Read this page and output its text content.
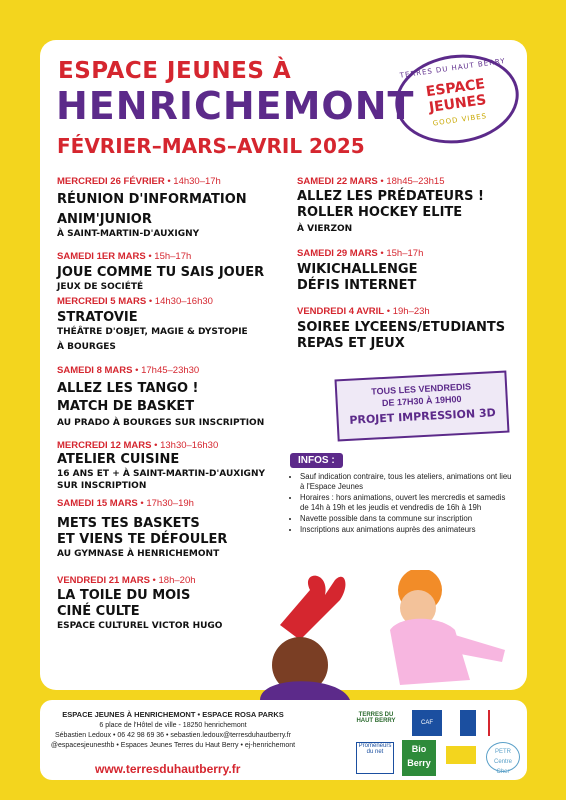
ESPACE JEUNES À
HENRICHEMONT
FÉVRIER–MARS–AVRIL 2025
TERRES DU HAUT BERRY
ESPACE JEUNES
GOOD VIBES
MERCREDI 26 FÉVRIER • 14h30–17h
RÉUNION D'INFORMATION
ANIM'JUNIOR
À SAINT-MARTIN-D'AUXIGNY
SAMEDI 1ER MARS • 15h–17h
JOUE COMME TU SAIS JOUER
JEUX DE SOCIÉTÉ
MERCREDI 5 MARS • 14h30–16h30
STRATOVIE
THÉÂTRE D'OBJET, MAGIE & DYSTOPIE
À BOURGES
SAMEDI 8 MARS • 17h45–23h30
ALLEZ LES TANGO !
MATCH DE BASKET
AU PRADO À BOURGES SUR INSCRIPTION
MERCREDI 12 MARS • 13h30–16h30
ATELIER CUISINE
16 ANS ET + À SAINT-MARTIN-D'AUXIGNY
SUR INSCRIPTION
SAMEDI 15 MARS • 17h30–19h
METS TES BASKETS
ET VIENS TE DÉFOULER
AU GYMNASE À HENRICHEMONT
VENDREDI 21 MARS • 18h–20h
LA TOILE DU MOIS
CINÉ CULTE
ESPACE CULTUREL VICTOR HUGO
SAMEDI 22 MARS • 18h45–23h15
ALLEZ LES PRÉDATEURS !
ROLLER HOCKEY ELITE
À VIERZON
SAMEDI 29 MARS • 15h–17h
WIKICHALLENGE
DÉFIS INTERNET
VENDREDI 4 AVRIL • 19h–23h
SOIREE LYCEENS/ETUDIANTS
REPAS ET JEUX
TOUS LES VENDREDIS
DE 17H30 À 19H00
PROJET IMPRESSION 3D
INFOS :
• Sauf indication contraire, tous les ateliers, animations ont lieu à l'Espace Jeunes
• Horaires : hors animations, ouvert les mercredis et samedis de 14h à 19h et les jeudis et vendredis de 16h à 19h
• Navette possible dans ta commune sur inscription
• Inscriptions aux animations auprès des animateurs
ESPACE JEUNES À HENRICHEMONT • ESPACE ROSA PARKS
6 place de l'Hôtel de ville - 18250 henrichemont
Sébastien Ledoux • 06 42 98 69 36 • sebastien.ledoux@terresduhautberry.fr
@espacesjeunesthb • Espaces Jeunes Terres du Haut Berry • ej-henrichemont
www.terresduhautberry.fr
TERRES DU HAUT BERRY	CAF
Promeneurs du net	Bio Berry
PETR Centre Cher
